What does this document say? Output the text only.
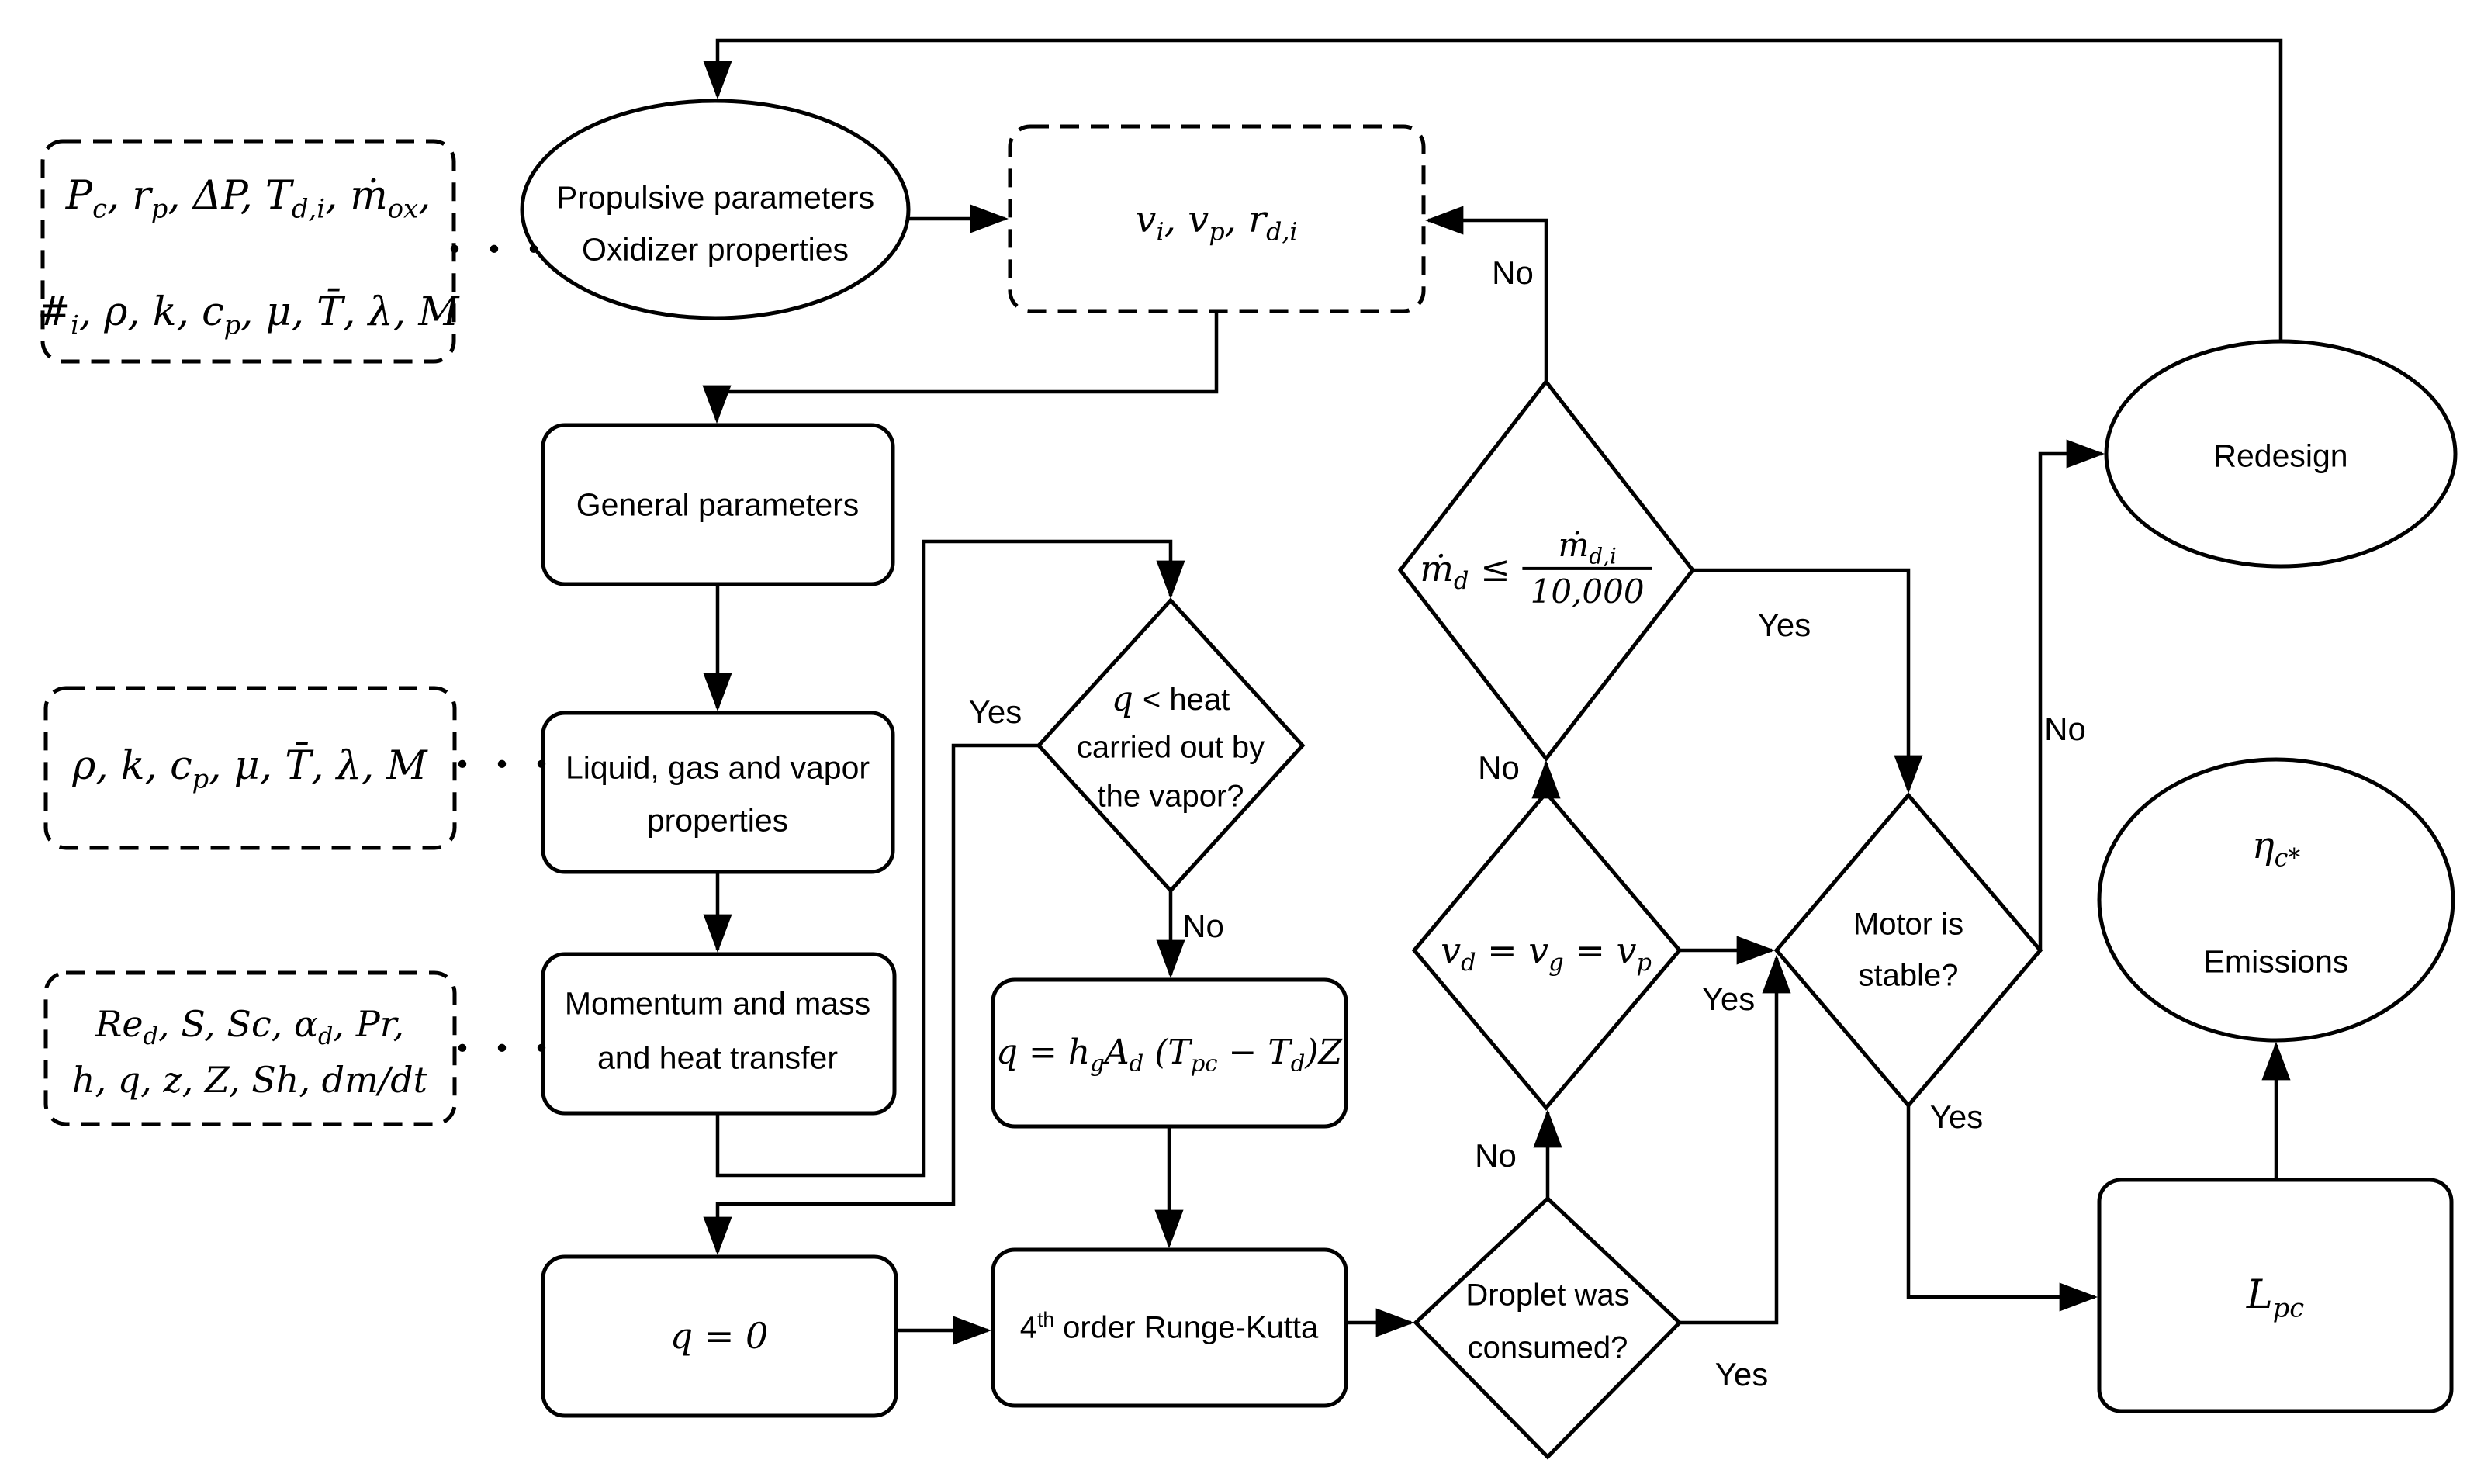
$P_c$, $r_p$, ΔP, $T_{d,i}$, ṁ$_{ox}$,
$\#_i$, ρ, k, $c_p$, μ, T̄, λ, M
· · ·
Propulsive parameters
Oxidizer properties
$v_i$, $v_p$, $r_{d,i}$
General parameters
Liquid, gas and vapor
properties
ρ, k, $c_p$, μ, T̄, λ, M · · ·
Momentum and mass
and heat transfer
$Re_d$, S, Sc, $\alpha_d$, Pr,
h, q, z, Z, Sh, dm/dt
· · ·
q < heat
carried out by
the vapor?
$q = h_gA_d$ $(T_{pc} - T_d)Z$
q = 0	4th order Runge-Kutta
Droplet was
consumed?
$v_d = v_g = v_p$
ṁ$_d$ ≤ $\frac{ṁ_{d,i}}{10,000}$
Motor is
stable?
Redesign
$\eta_{c*}$
Emissions
$L_{pc}$
No
Yes
Yes
No
No
Yes
No
Yes
No
Yes
